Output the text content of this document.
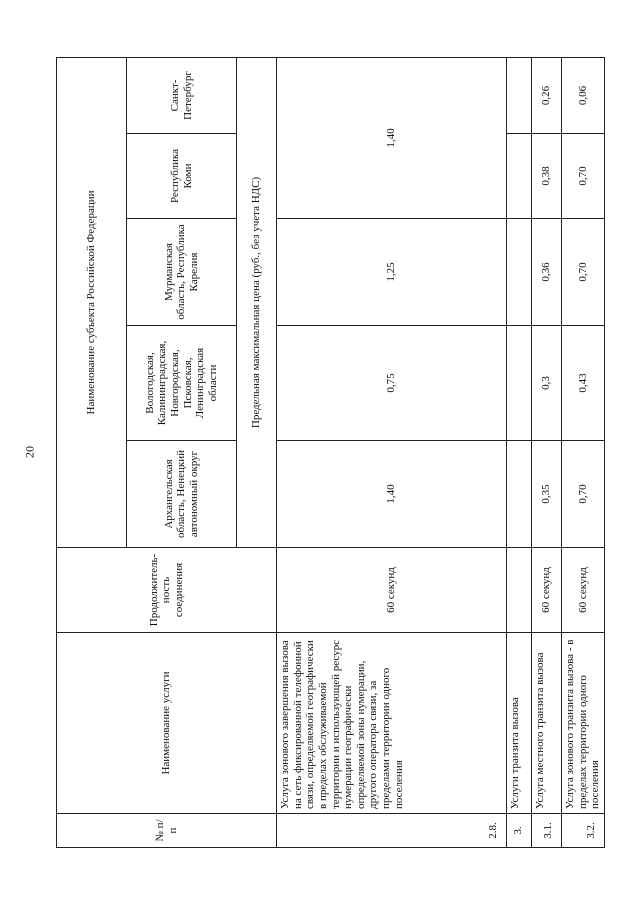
20
№ п/п	Наименование услуги	Продолжитель-ность соединения	Наименование субъекта Российской Федерации				
			Архангельская область, Ненецкий автономный округ	Вологодская, Калининградская, Новгородская, Псковская, Ленинградская области	Мурманская область, Республика Карелия	Республика Коми	Санкт-Петербург
			Предельная максимальная цена (руб., без учета НДС)				
2.8.	Услуга зонового завершения вызова на сеть фиксированной телефонной связи, определяемой географически в пределах обслуживаемой территории и использующей ресурс нумерации географически определяемой зоны нумерации, другого оператора связи, за пределами территории одного поселения	60 секунд	1,40	0,75	1,25	1,40	
3.	Услуги транзита вызова						
3.1.	Услуга местного транзита вызова	60 секунд	0,35	0,3	0,36	0,38	0,26
3.2.	Услуга зонового транзита вызова - в пределах территории одного поселения	60 секунд	0,70	0,43	0,70	0,70	0,06
